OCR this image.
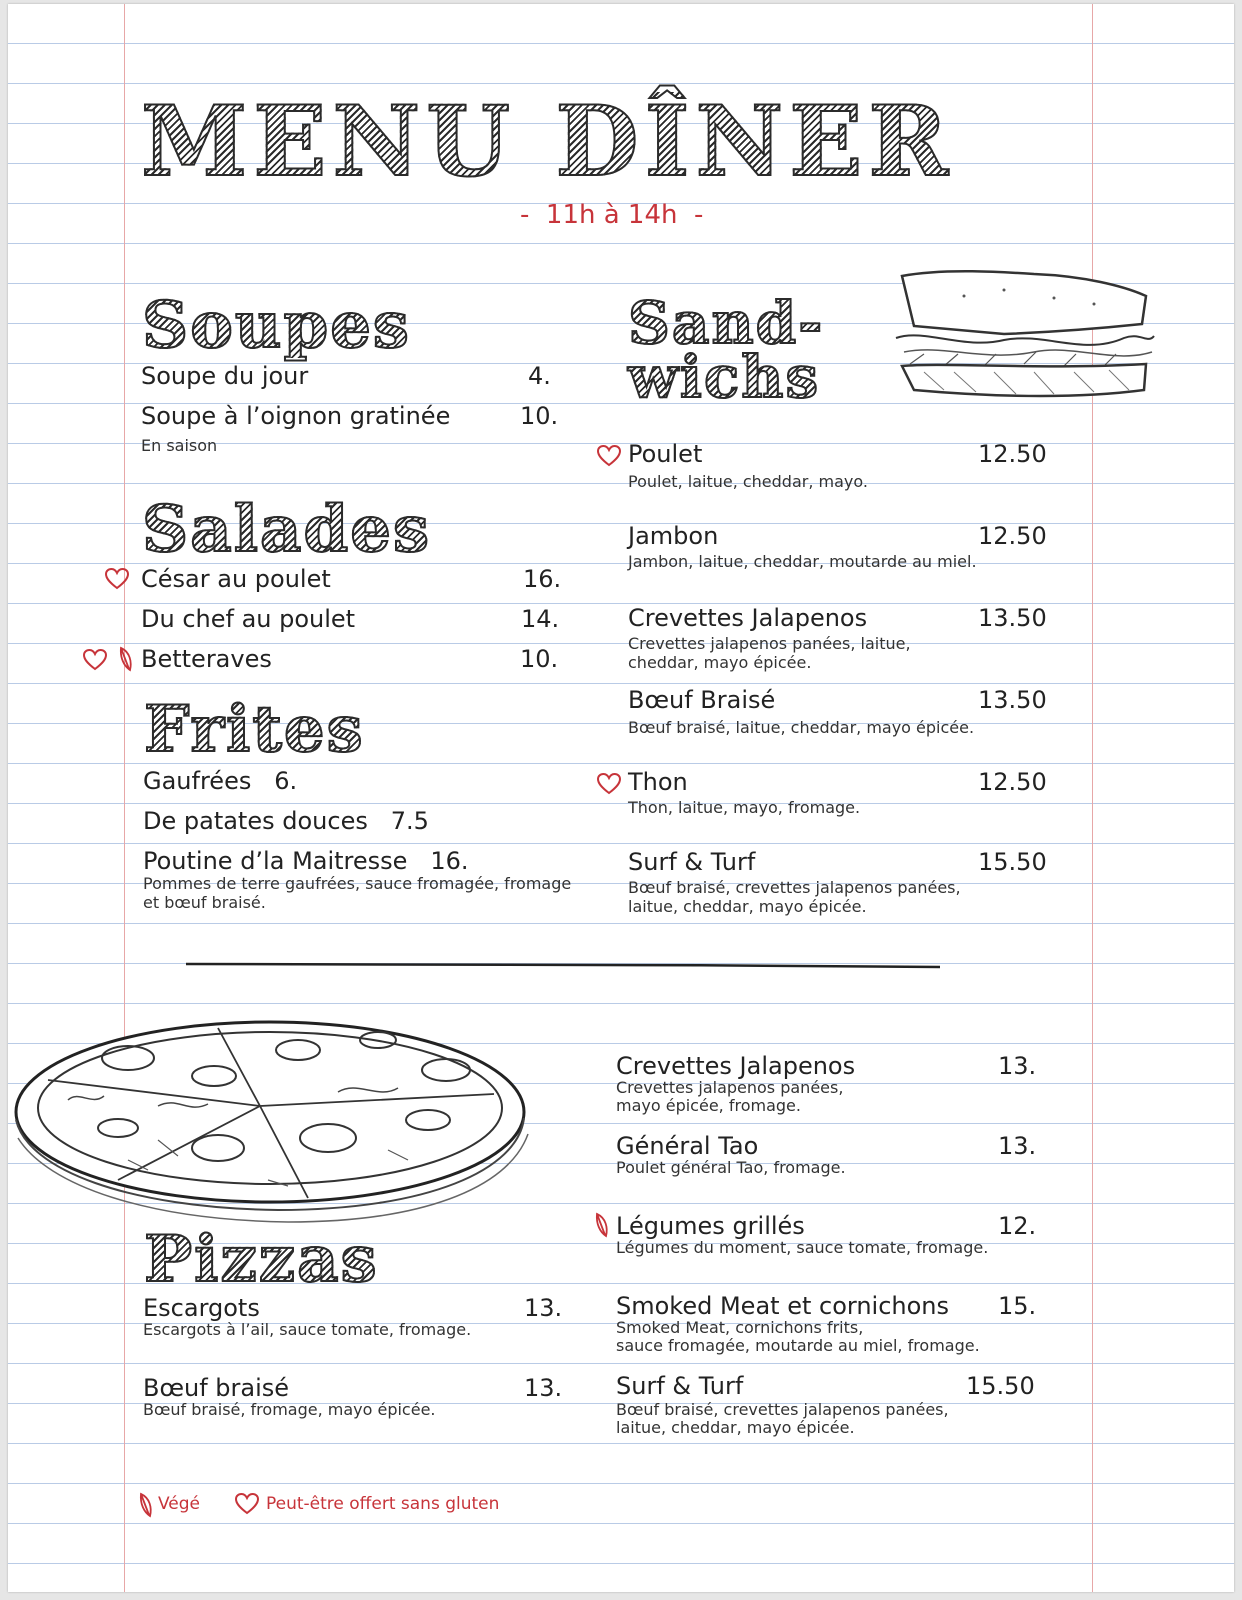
MENU DÎNER
-  11h à 14h  -
Soupes
Soupe du jour	4.
Soupe à l’oignon gratinée	10.
En saison
Salades
César au poulet	16.
Du chef au poulet	14.
Betteraves	10.
Frites
Gaufrées 6.
De patates douces 7.5
Poutine d’la Maitresse 16.
Pommes de terre gaufrées, sauce fromagée, fromage et bœuf braisé.
Sand-
wichs
Poulet	12.50
Poulet, laitue, cheddar, mayo.
Jambon	12.50
Jambon, laitue, cheddar, moutarde au miel.
Crevettes Jalapenos	13.50
Crevettes jalapenos panées, laitue, cheddar, mayo épicée.
Bœuf Braisé	13.50
Bœuf braisé, laitue, cheddar, mayo épicée.
Thon	12.50
Thon, laitue, mayo, fromage.
Surf & Turf	15.50
Bœuf braisé, crevettes jalapenos panées, laitue, cheddar, mayo épicée.
Pizzas
Escargots	13.
Escargots à l’ail, sauce tomate, fromage.
Bœuf braisé	13.
Bœuf braisé, fromage, mayo épicée.
Crevettes Jalapenos	13.
Crevettes jalapenos panées,
mayo épicée, fromage.
Général Tao	13.
Poulet général Tao, fromage.
Légumes grillés	12.
Légumes du moment, sauce tomate, fromage.
Smoked Meat et cornichons 15.
Smoked Meat, cornichons frits,
sauce fromagée, moutarde au miel, fromage.
Surf & Turf	15.50
Bœuf braisé, crevettes jalapenos panées,
laitue, cheddar, mayo épicée.
Végé	Peut-être offert sans gluten
